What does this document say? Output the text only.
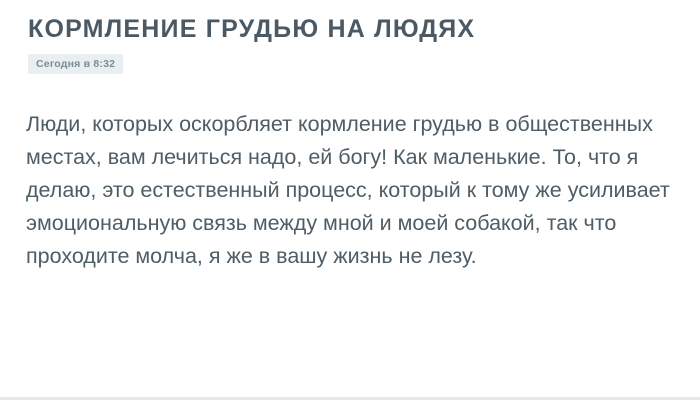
КОРМЛЕНИЕ ГРУДЬЮ НА ЛЮДЯХ
Сегодня в 8:32
Люди, которых оскорбляет кормление грудью в общественных местах, вам лечиться надо, ей богу! Как маленькие. То, что я делаю, это естественный процесс, который к тому же усиливает эмоциональную связь между мной и моей собакой, так что проходите молча, я же в вашу жизнь не лезу.
